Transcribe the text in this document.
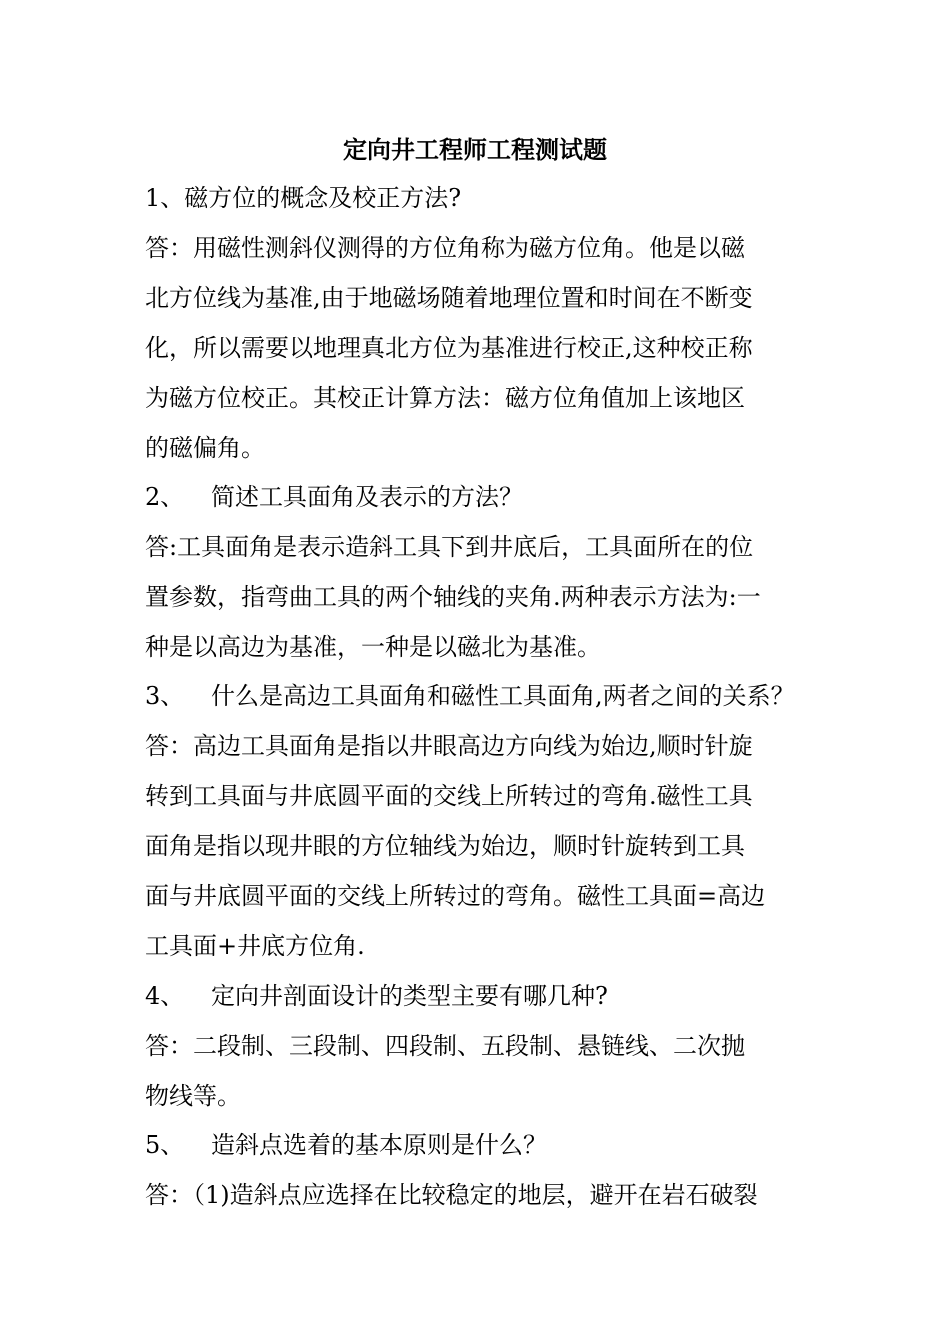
定向井工程师工程测试题
1、磁方位的概念及校正方法?
答：用磁性测斜仪测得的方位角称为磁方位角。他是以磁
北方位线为基准,由于地磁场随着地理位置和时间在不断变
化，所以需要以地理真北方位为基准进行校正,这种校正称
为磁方位校正。其校正计算方法：磁方位角值加上该地区
的磁偏角。
2、 简述工具面角及表示的方法？
答:工具面角是表示造斜工具下到井底后，工具面所在的位
置参数，指弯曲工具的两个轴线的夹角.两种表示方法为:一
种是以高边为基准，一种是以磁北为基准。
3、 什么是高边工具面角和磁性工具面角,两者之间的关系？
答：高边工具面角是指以井眼高边方向线为始边,顺时针旋
转到工具面与井底圆平面的交线上所转过的弯角.磁性工具
面角是指以现井眼的方位轴线为始边，顺时针旋转到工具
面与井底圆平面的交线上所转过的弯角。磁性工具面=高边
工具面+井底方位角.
4、 定向井剖面设计的类型主要有哪几种?
答：二段制、三段制、四段制、五段制、悬链线、二次抛
物线等。
5、 造斜点选着的基本原则是什么？
答：（1)造斜点应选择在比较稳定的地层，避开在岩石破裂
